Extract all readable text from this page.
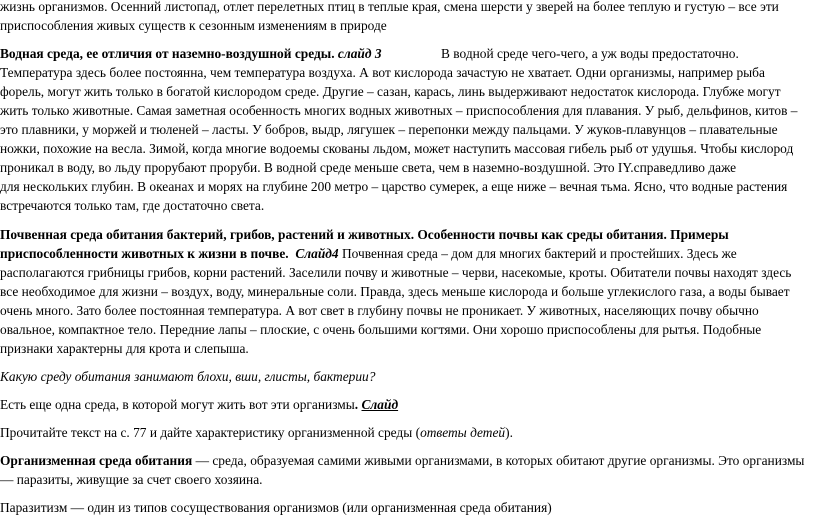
жизнь организмов. Осенний листопад, отлет перелетных птиц в теплые края, смена шерсти у зверей на более теплую и густую – все эти
приспособления живых существ к сезонным изменениям в природе
Водная среда, ее отличия от наземно-воздушной среды. слайд 3	В водной среде чего-чего, а уж воды предостаточно.
Температура здесь более постоянна, чем температура воздуха. А вот кислорода зачастую не хватает. Одни организмы, например рыба
форель, могут жить только в богатой кислородом среде. Другие – сазан, карась, линь выдерживают недостаток кислорода. Глубже могут
жить только животные. Самая заметная особенность многих водных животных – приспособления для плавания. У рыб, дельфинов, китов –
это плавники, у моржей и тюленей – ласты. У бобров, выдр, лягушек – перепонки между пальцами. У жуков-плавунцов – плавательные
ножки, похожие на весла. Зимой, когда многие водоемы скованы льдом, может наступить массовая гибель рыб от удушья. Чтобы кислород
проникал в воду, во льду прорубают проруби. В водной среде меньше света, чем в наземно-воздушной. Это IY.справедливо даже
для нескольких глубин. В океанах и морях на глубине 200 метро – царство сумерек, а еще ниже – вечная тьма. Ясно, что водные растения
встречаются только там, где достаточно света.
Почвенная среда обитания бактерий, грибов, растений и животных. Особенности почвы как среды обитания. Примеры
приспособленности животных к жизни в почве. Слайд4 Почвенная среда – дом для многих бактерий и простейших. Здесь же
располагаются грибницы грибов, корни растений. Заселили почву и животные – черви, насекомые, кроты. Обитатели почвы находят здесь
все необходимое для жизни – воздух, воду, минеральные соли. Правда, здесь меньше кислорода и больше углекислого газа, а воды бывает
очень много. Зато более постоянная температура. А вот свет в глубину почвы не проникает. У животных, населяющих почву обычно
овальное, компактное тело. Передние лапы – плоские, с очень большими когтями. Они хорошо приспособлены для рытья. Подобные
признаки характерны для крота и слепыша.
Какую среду обитания занимают блохи, вши, глисты, бактерии?
Есть еще одна среда, в которой могут жить вот эти организмы. Слайд
Прочитайте текст на с. 77 и дайте характеристику организменной среды (ответы детей).
Организменная среда обитания — среда, образуемая самими живыми организмами, в которых обитают другие организмы. Это организмы
— паразиты, живущие за счет своего хозяина.
Паразитизм — один из типов сосуществования организмов (или организменная среда обитания)
